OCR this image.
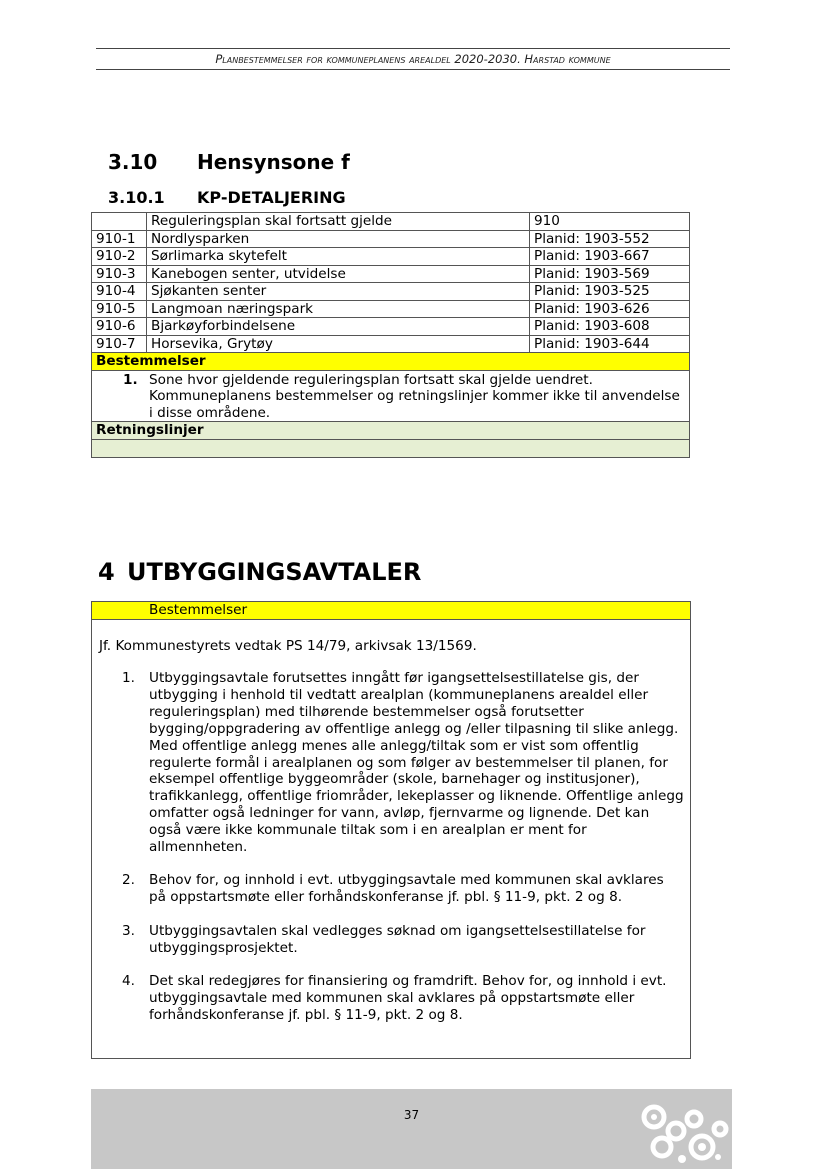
Planbestemmelser for kommuneplanens arealdel 2020-2030. Harstad kommune
3.10 Hensynsone f
3.10.1 KP-DETALJERING
	Reguleringsplan skal fortsatt gjelde	910
910-1	Nordlysparken	Planid: 1903-552
910-2	Sørlimarka skytefelt	Planid: 1903-667
910-3	Kanebogen senter, utvidelse	Planid: 1903-569
910-4	Sjøkanten senter	Planid: 1903-525
910-5	Langmoan næringspark	Planid: 1903-626
910-6	Bjarkøyforbindelsene	Planid: 1903-608
910-7	Horsevika, Grytøy	Planid: 1903-644
Bestemmelser		

1. Sone hvor gjeldende reguleringsplan fortsatt skal gjelde uendret. Kommuneplanens bestemmelser og retningslinjer kommer ikke til anvendelse i disse områdene.		

Retningslinjer		

4 UTBYGGINGSAVTALER
Bestemmelser
Jf. Kommunestyrets vedtak PS 14/79, arkivsak 13/1569.
1.	Utbyggingsavtale forutsettes inngått før igangsettelsestillatelse gis, der utbygging i henhold til vedtatt arealplan (kommuneplanens arealdel eller reguleringsplan) med tilhørende bestemmelser også forutsetter bygging/oppgradering av offentlige anlegg og /eller tilpasning til slike anlegg. Med offentlige anlegg menes alle anlegg/tiltak som er vist som offentlig regulerte formål i arealplanen og som følger av bestemmelser til planen, for eksempel offentlige byggeområder (skole, barnehager og institusjoner), trafikkanlegg, offentlige friområder, lekeplasser og liknende. Offentlige anlegg omfatter også ledninger for vann, avløp, fjernvarme og lignende. Det kan også være ikke kommunale tiltak som i en arealplan er ment for allmennheten.
2.	Behov for, og innhold i evt. utbyggingsavtale med kommunen skal avklares på oppstartsmøte eller forhåndskonferanse jf. pbl. § 11-9, pkt. 2 og 8.
3.	Utbyggingsavtalen skal vedlegges søknad om igangsettelsestillatelse for utbyggingsprosjektet.
4.	Det skal redegjøres for finansiering og framdrift. Behov for, og innhold i evt. utbyggingsavtale med kommunen skal avklares på oppstartsmøte eller forhåndskonferanse jf. pbl. § 11-9, pkt. 2 og 8.
37
